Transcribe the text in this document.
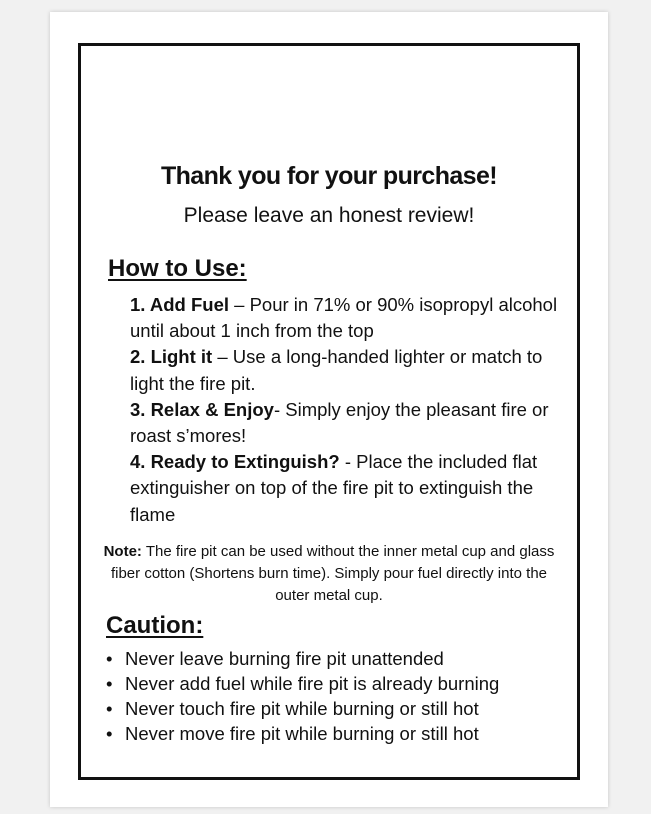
Thank you for your purchase!

Please leave an honest review!

How to Use:
1. Add Fuel – Pour in 71% or 90% isopropyl alcohol until about 1 inch from the top
2. Light it – Use a long-handed lighter or match to light the fire pit.
3. Relax & Enjoy- Simply enjoy the pleasant fire or roast s’mores!
4. Ready to Extinguish? - Place the included flat extinguisher on top of the fire pit to extinguish the flame

Note: The fire pit can be used without the inner metal cup and glass fiber cotton (Shortens burn time). Simply pour fuel directly into the outer metal cup.

Caution:
• Never leave burning fire pit unattended
• Never add fuel while fire pit is already burning
• Never touch fire pit while burning or still hot
• Never move fire pit while burning or still hot
